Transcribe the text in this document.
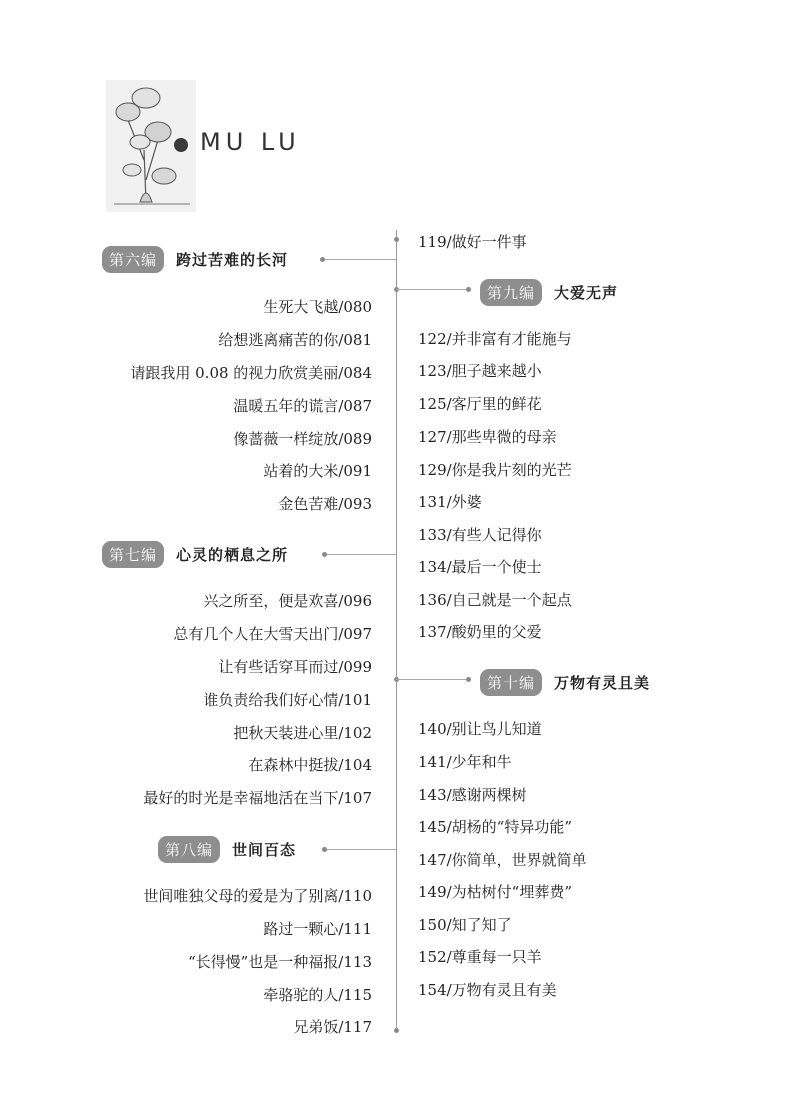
MU LU
第六编	跨过苦难的长河
生死大飞越/080
给想逃离痛苦的你/081
请跟我用 0.08 的视力欣赏美丽/084
温暖五年的谎言/087
像蔷薇一样绽放/089
站着的大米/091
金色苦难/093
第七编	心灵的栖息之所
兴之所至，便是欢喜/096
总有几个人在大雪天出门/097
让有些话穿耳而过/099
谁负责给我们好心情/101
把秋天装进心里/102
在森林中挺拔/104
最好的时光是幸福地活在当下/107
第八编	世间百态
世间唯独父母的爱是为了别离/110
路过一颗心/111
“长得慢”也是一种福报/113
牵骆驼的人/115
兄弟饭/117
119/做好一件事
第九编	大爱无声
122/并非富有才能施与
123/胆子越来越小
125/客厅里的鲜花
127/那些卑微的母亲
129/你是我片刻的光芒
131/外婆
133/有些人记得你
134/最后一个使士
136/自己就是一个起点
137/酸奶里的父爱
第十编	万物有灵且美
140/别让鸟儿知道
141/少年和牛
143/感谢两棵树
145/胡杨的“特异功能”
147/你简单，世界就简单
149/为枯树付“埋葬费”
150/知了知了
152/尊重每一只羊
154/万物有灵且有美
